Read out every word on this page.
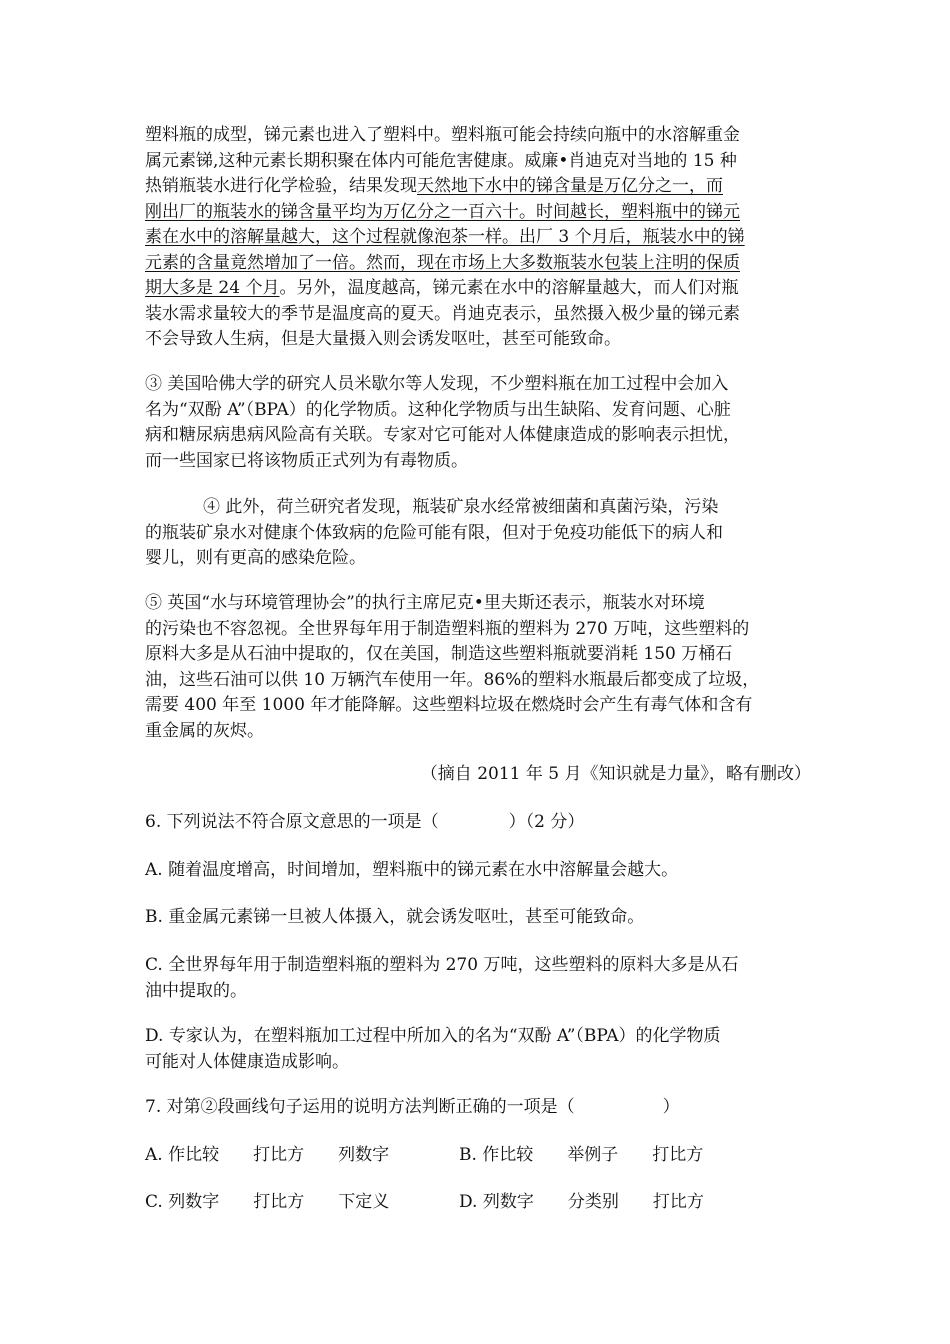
塑料瓶的成型，锑元素也进入了塑料中。塑料瓶可能会持续向瓶中的水溶解重金
属元素锑,这种元素长期积聚在体内可能危害健康。威廉•肖迪克对当地的 15 种
热销瓶装水进行化学检验，结果发现天然地下水中的锑含量是万亿分之一，而
刚出厂的瓶装水的锑含量平均为万亿分之一百六十。时间越长，塑料瓶中的锑元
素在水中的溶解量越大，这个过程就像泡茶一样。出厂 3 个月后，瓶装水中的锑
元素的含量竟然增加了一倍。然而，现在市场上大多数瓶装水包装上注明的保质
期大多是 24 个月。另外，温度越高，锑元素在水中的溶解量越大，而人们对瓶
装水需求量较大的季节是温度高的夏天。肖迪克表示，虽然摄入极少量的锑元素
不会导致人生病，但是大量摄入则会诱发呕吐，甚至可能致命。
③ 美国哈佛大学的研究人员米歇尔等人发现，不少塑料瓶在加工过程中会加入
名为“双酚 A”（BPA）的化学物质。这种化学物质与出生缺陷、发育问题、心脏
病和糖尿病患病风险高有关联。专家对它可能对人体健康造成的影响表示担忧，
而一些国家已将该物质正式列为有毒物质。
④ 此外，荷兰研究者发现，瓶装矿泉水经常被细菌和真菌污染，污染
的瓶装矿泉水对健康个体致病的危险可能有限，但对于免疫功能低下的病人和
婴儿，则有更高的感染危险。
⑤ 英国“水与环境管理协会”的执行主席尼克•里夫斯还表示，瓶装水对环境
的污染也不容忽视。全世界每年用于制造塑料瓶的塑料为 270 万吨，这些塑料的
原料大多是从石油中提取的，仅在美国，制造这些塑料瓶就要消耗 150 万桶石
油，这些石油可以供 10 万辆汽车使用一年。86%的塑料水瓶最后都变成了垃圾，
需要 400 年至 1000 年才能降解。这些塑料垃圾在燃烧时会产生有毒气体和含有
重金属的灰烬。
（摘自 2011 年 5 月《知识就是力量》，略有删改）
6. 下列说法不符合原文意思的一项是（	）（2 分）
A. 随着温度增高，时间增加，塑料瓶中的锑元素在水中溶解量会越大。
B. 重金属元素锑一旦被人体摄入，就会诱发呕吐，甚至可能致命。
C. 全世界每年用于制造塑料瓶的塑料为 270 万吨，这些塑料的原料大多是从石
油中提取的。
D. 专家认为，在塑料瓶加工过程中所加入的名为“双酚 A”（BPA）的化学物质
可能对人体健康造成影响。
7. 对第②段画线句子运用的说明方法判断正确的一项是（	）
A. 作比较　　打比方　　列数字	B. 作比较　　举例子　　打比方
C. 列数字　　打比方　　下定义	D. 列数字　　分类别　　打比方
